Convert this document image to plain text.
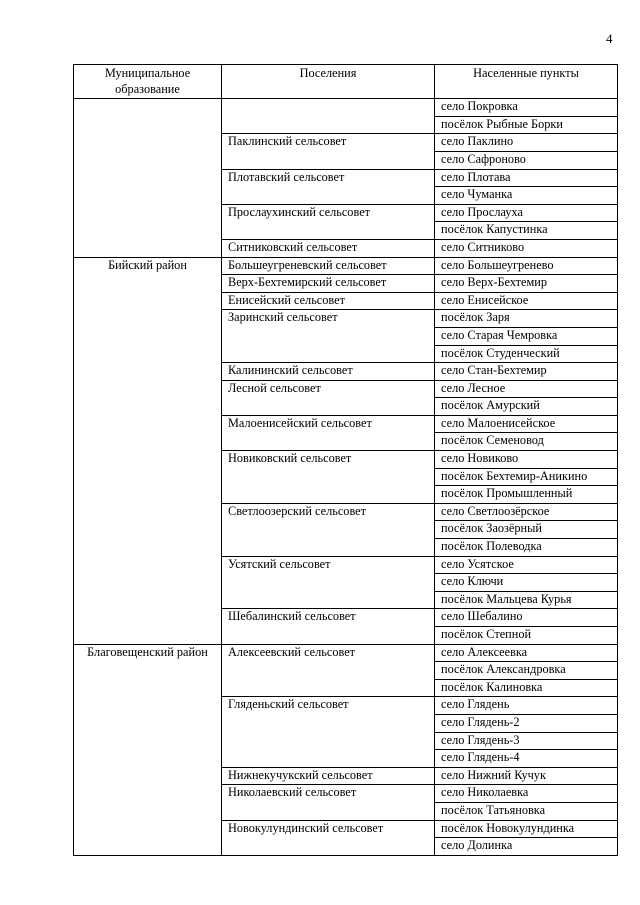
4
Муниципальное образование	Поселения	Населенные пункты
		село Покровка
		посёлок Рыбные Борки
	Паклинский сельсовет	село Паклино
		село Сафроново
	Плотавский сельсовет	село Плотава
		село Чуманка
	Прослаухинский сельсовет	село Прослауха
		посёлок Капустинка
	Ситниковский сельсовет	село Ситниково
Бийский район	Большеугреневский сельсовет	село Большеугренево
	Верх-Бехтемирский сельсовет	село Верх-Бехтемир
	Енисейский сельсовет	село Енисейское
	Заринский сельсовет	посёлок Заря
		село Старая Чемровка
		посёлок Студенческий
	Калининский сельсовет	село Стан-Бехтемир
	Лесной сельсовет	село Лесное
		посёлок Амурский
	Малоенисейский сельсовет	село Малоенисейское
		посёлок Семеновод
	Новиковский сельсовет	село Новиково
		посёлок Бехтемир-Аникино
		посёлок Промышленный
	Светлоозерский сельсовет	село Светлоозёрское
		посёлок Заозёрный
		посёлок Полеводка
	Усятский сельсовет	село Усятское
		село Ключи
		посёлок Мальцева Курья
	Шебалинский сельсовет	село Шебалино
		посёлок Степной
Благовещенский район	Алексеевский сельсовет	село Алексеевка
		посёлок Александровка
		посёлок Калиновка
	Гляденьский сельсовет	село Глядень
		село Глядень-2
		село Глядень-3
		село Глядень-4
	Нижнекучукский сельсовет	село Нижний Кучук
	Николаевский сельсовет	село Николаевка
		посёлок Татьяновка
	Новокулундинский сельсовет	посёлок Новокулундинка
		село Долинка
